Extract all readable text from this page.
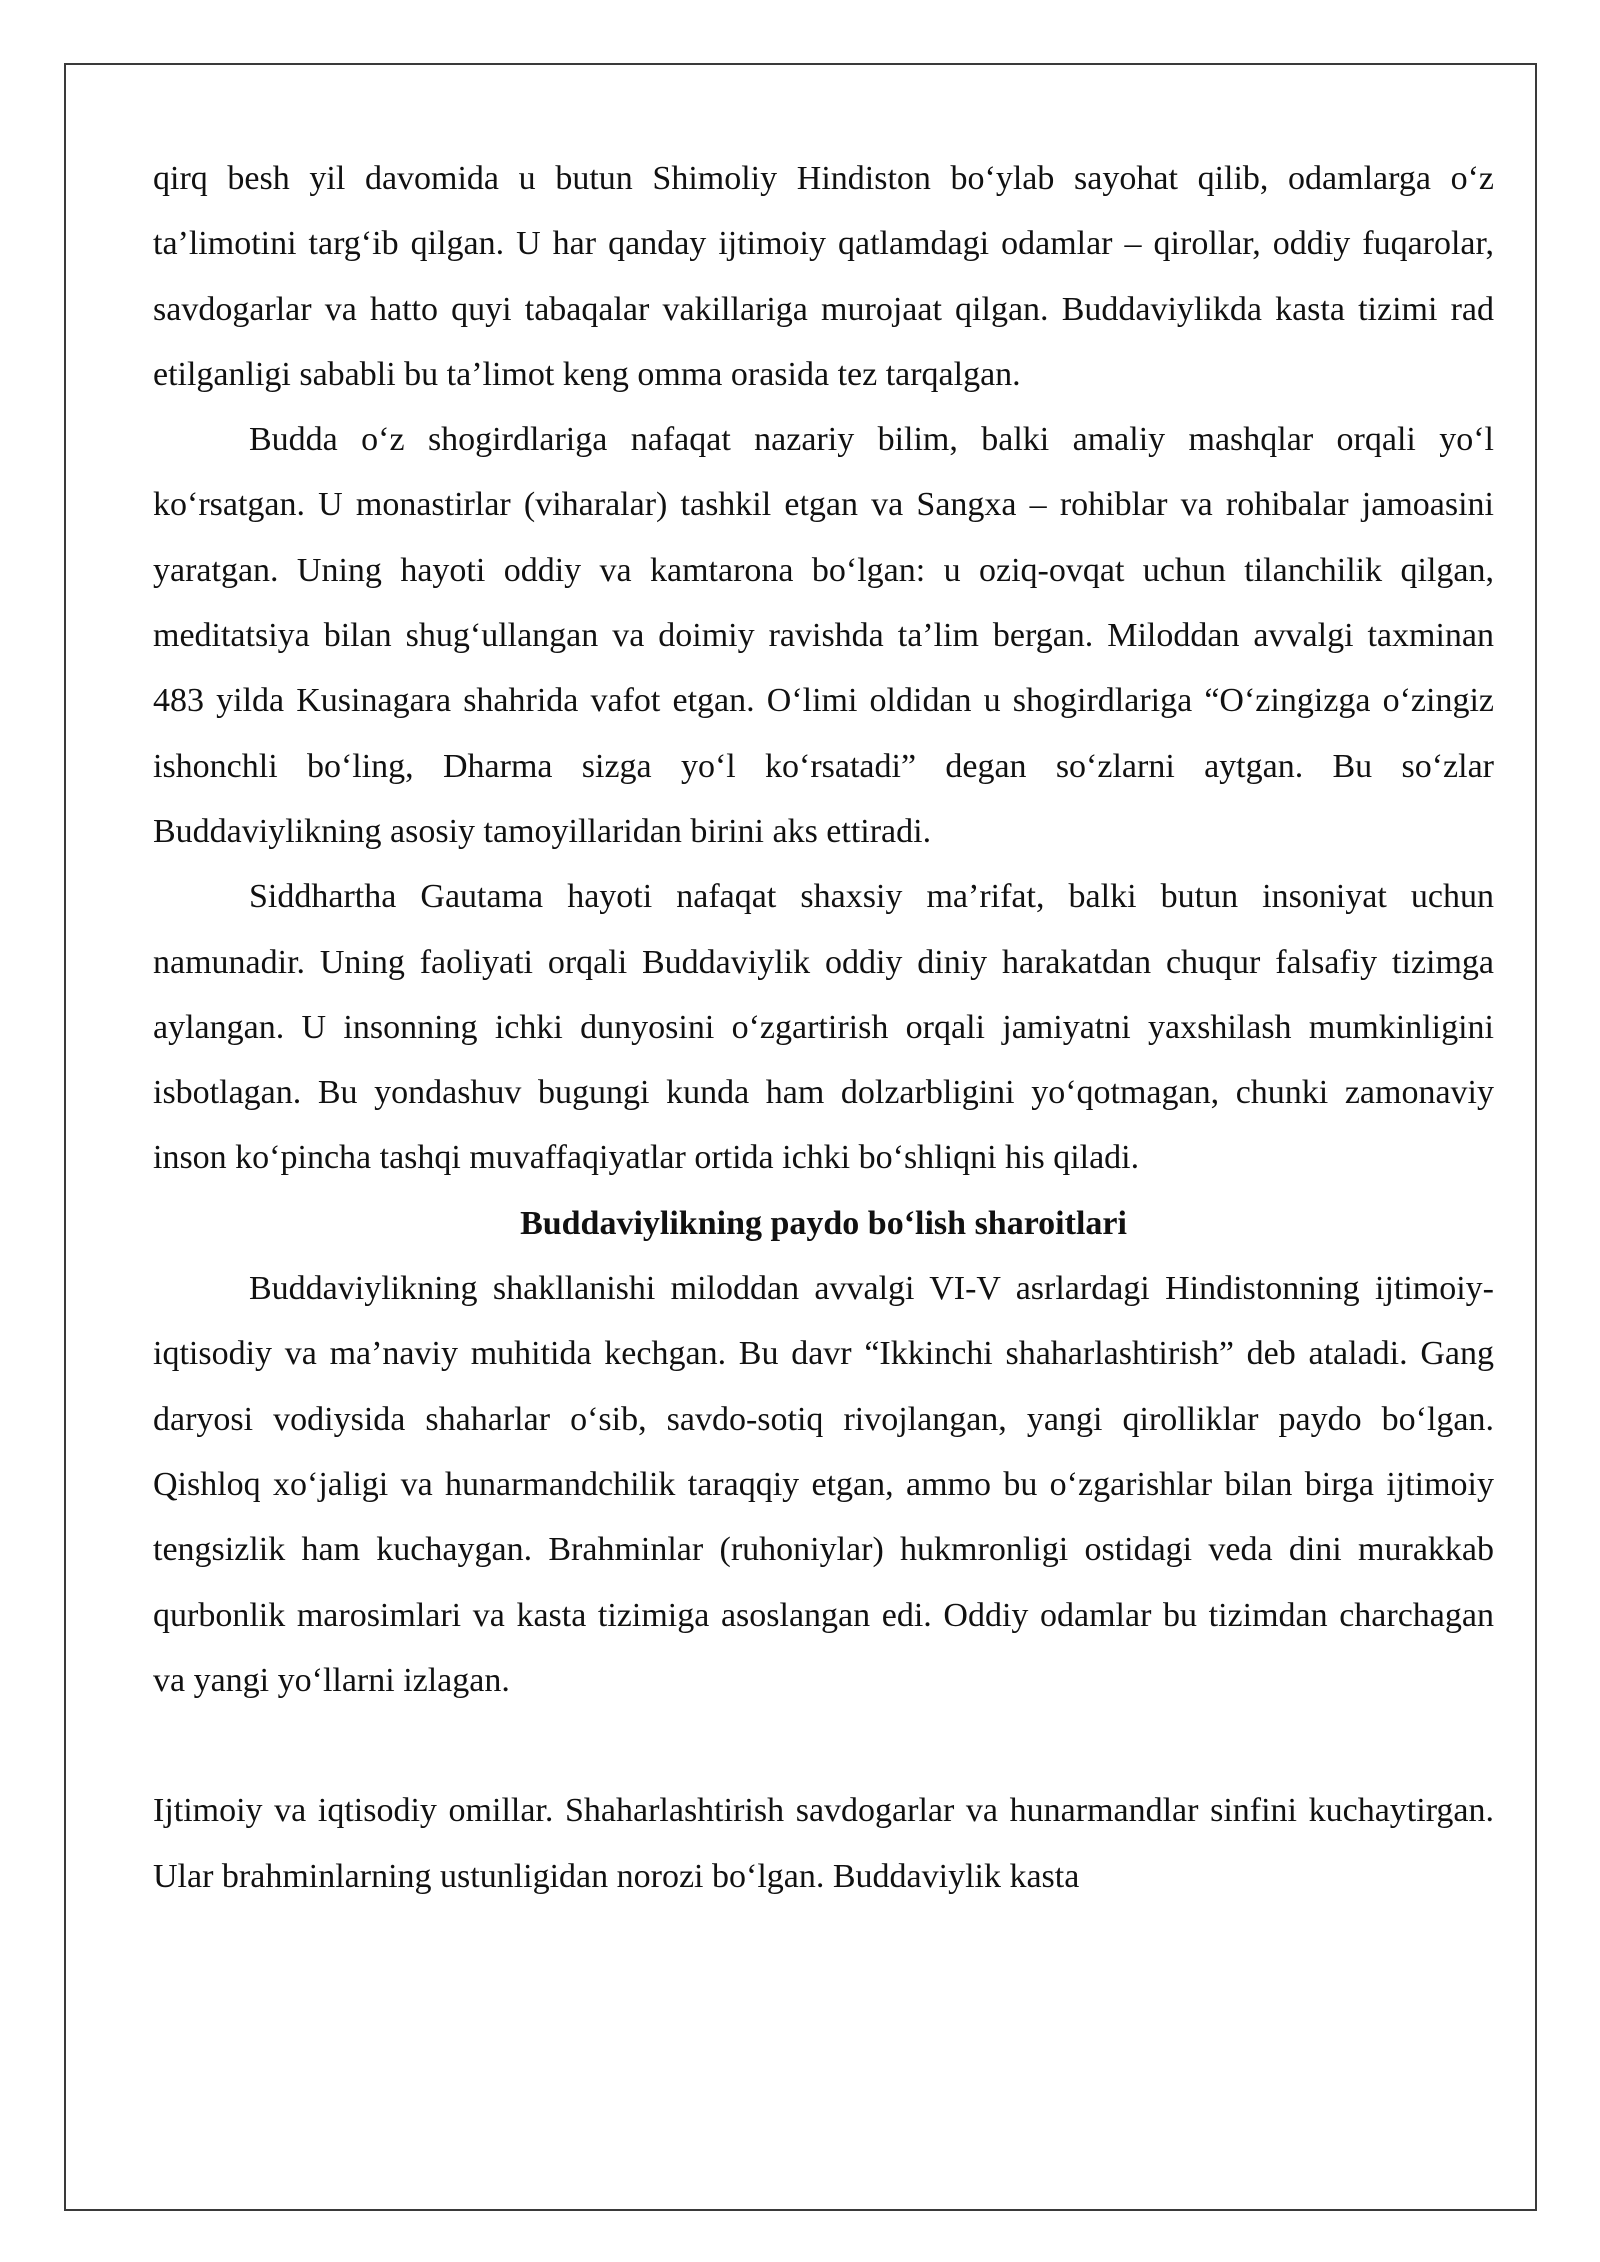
qirq besh yil davomida u butun Shimoliy Hindiston bo‘ylab sayohat qilib, odamlarga o‘z ta’limotini targ‘ib qilgan. U har qanday ijtimoiy qatlamdagi odamlar – qirollar, oddiy fuqarolar, savdogarlar va hatto quyi tabaqalar vakillariga murojaat qilgan. Buddaviylikda kasta tizimi rad etilganligi sababli bu ta’limot keng omma orasida tez tarqalgan.

Budda o‘z shogirdlariga nafaqat nazariy bilim, balki amaliy mashqlar orqali yo‘l ko‘rsatgan. U monastirlar (viharalar) tashkil etgan va Sangxa – rohiblar va rohibalar jamoasini yaratgan. Uning hayoti oddiy va kamtarona bo‘lgan: u oziq-ovqat uchun tilanchilik qilgan, meditatsiya bilan shug‘ullangan va doimiy ravishda ta’lim bergan. Miloddan avvalgi taxminan 483 yilda Kusinagara shahrida vafot etgan. O‘limi oldidan u shogirdlariga “O‘zingizga o‘zingiz ishonchli bo‘ling, Dharma sizga yo‘l ko‘rsatadi” degan so‘zlarni aytgan. Bu so‘zlar Buddaviylikning asosiy tamoyillaridan birini aks ettiradi.

Siddhartha Gautama hayoti nafaqat shaxsiy ma’rifat, balki butun insoniyat uchun namunadir. Uning faoliyati orqali Buddaviylik oddiy diniy harakatdan chuqur falsafiy tizimga aylangan. U insonning ichki dunyosini o‘zgartirish orqali jamiyatni yaxshilash mumkinligini isbotlagan. Bu yondashuv bugungi kunda ham dolzarbligini yo‘qotmagan, chunki zamonaviy inson ko‘pincha tashqi muvaffaqiyatlar ortida ichki bo‘shliqni his qiladi.

Buddaviylikning paydo bo‘lish sharoitlari

Buddaviylikning shakllanishi miloddan avvalgi VI-V asrlardagi Hindistonning ijtimoiy-iqtisodiy va ma’naviy muhitida kechgan. Bu davr “Ikkinchi shaharlashtirish” deb ataladi. Gang daryosi vodiysida shaharlar o‘sib, savdo-sotiq rivojlangan, yangi qirolliklar paydo bo‘lgan. Qishloq xo‘jaligi va hunarmandchilik taraqqiy etgan, ammo bu o‘zgarishlar bilan birga ijtimoiy tengsizlik ham kuchaygan. Brahminlar (ruhoniylar) hukmronligi ostidagi veda dini murakkab qurbonlik marosimlari va kasta tizimiga asoslangan edi. Oddiy odamlar bu tizimdan charchagan va yangi yo‘llarni izlagan.

Ijtimoiy va iqtisodiy omillar. Shaharlashtirish savdogarlar va hunarmandlar sinfini kuchaytirgan. Ular brahminlarning ustunligidan norozi bo‘lgan. Buddaviylik kasta
